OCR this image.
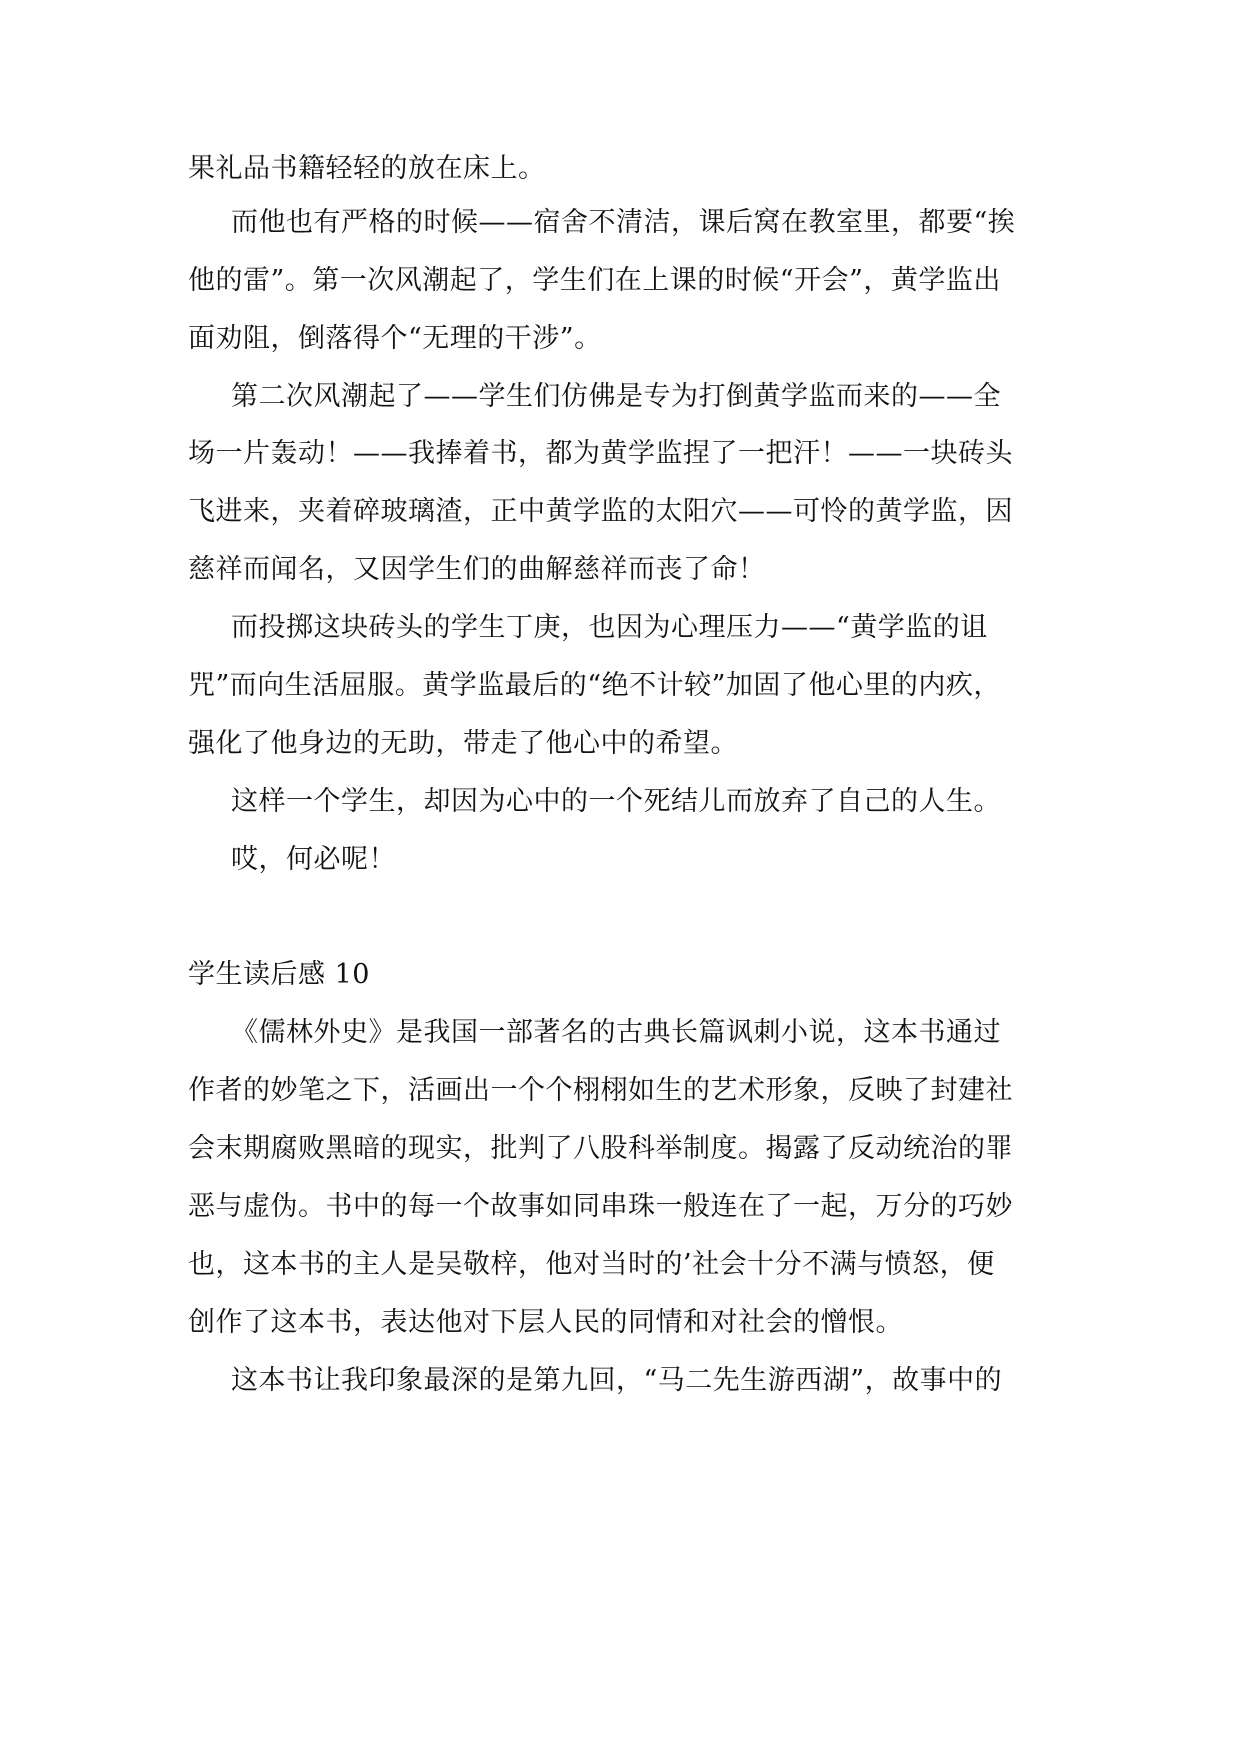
果礼品书籍轻轻的放在床上。
而他也有严格的时候——宿舍不清洁，课后窝在教室里，都要“挨
他的雷”。第一次风潮起了，学生们在上课的时候“开会”，黄学监出
面劝阻，倒落得个“无理的干涉”。
第二次风潮起了——学生们仿佛是专为打倒黄学监而来的——全
场一片轰动！——我捧着书，都为黄学监捏了一把汗！——一块砖头
飞进来，夹着碎玻璃渣，正中黄学监的太阳穴——可怜的黄学监，因
慈祥而闻名，又因学生们的曲解慈祥而丧了命！
而投掷这块砖头的学生丁庚，也因为心理压力——“黄学监的诅
咒”而向生活屈服。黄学监最后的“绝不计较”加固了他心里的内疚，
强化了他身边的无助，带走了他心中的希望。
这样一个学生，却因为心中的一个死结儿而放弃了自己的人生。
哎，何必呢！
学生读后感 10
《儒林外史》是我国一部著名的古典长篇讽刺小说，这本书通过
作者的妙笔之下，活画出一个个栩栩如生的艺术形象，反映了封建社
会末期腐败黑暗的现实，批判了八股科举制度。揭露了反动统治的罪
恶与虚伪。书中的每一个故事如同串珠一般连在了一起，万分的巧妙
也，这本书的主人是吴敬梓，他对当时的’社会十分不满与愤怒，便
创作了这本书，表达他对下层人民的同情和对社会的憎恨。
这本书让我印象最深的是第九回，“马二先生游西湖”，故事中的
